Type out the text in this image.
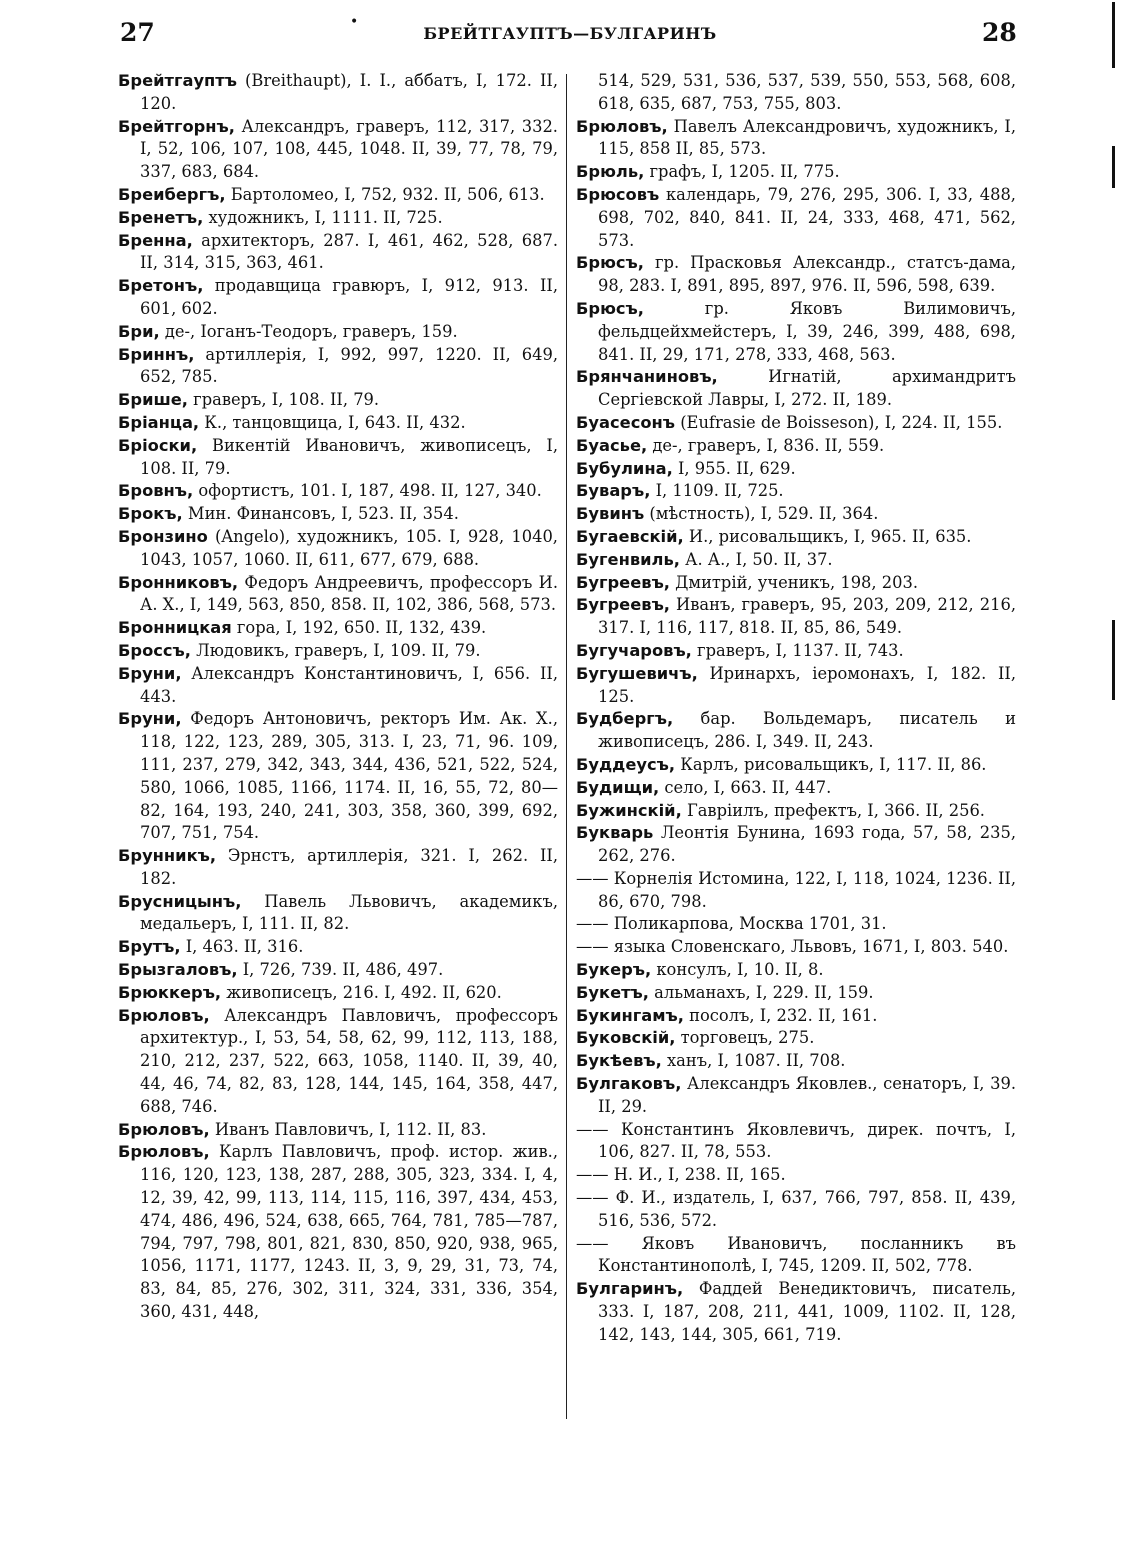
27	•
БРЕЙТГАУПТЪ—БУЛГАРИНЪ	28

Брейтгауптъ (Breithaupt), I. I., аббатъ, I, 172. II, 120.

Брейтгорнъ, Александръ, граверъ, 112, 317, 332. I, 52, 106, 107, 108, 445, 1048. II, 39, 77, 78, 79, 337, 683, 684.

Бреибергъ, Бартоломео, I, 752, 932. II, 506, 613.

Бренетъ, художникъ, I, 1111. II, 725.

Бренна, архитекторъ, 287. I, 461, 462, 528, 687. II, 314, 315, 363, 461.

Бретонъ, продавщица гравюръ, I, 912, 913. II, 601, 602.

Бри, де-, Іоганъ-Теодоръ, граверъ, 159.

Бриннъ, артиллерія, I, 992, 997, 1220. II, 649, 652, 785.

Брише, граверъ, I, 108. II, 79.

Бріанца, К., танцовщица, I, 643. II, 432.

Бріоски, Викентій Ивановичъ, живописецъ, I, 108. II, 79.

Бровнъ, офортистъ, 101. I, 187, 498. II, 127, 340.

Брокъ, Мин. Финансовъ, I, 523. II, 354.

Бронзино (Angelo), художникъ, 105. I, 928, 1040, 1043, 1057, 1060. II, 611, 677, 679, 688.

Бронниковъ, Федоръ Андреевичъ, профессоръ И. А. Х., I, 149, 563, 850, 858. II, 102, 386, 568, 573.

Бронницкая гора, I, 192, 650. II, 132, 439.

Броссъ, Людовикъ, граверъ, I, 109. II, 79.

Бруни, Александръ Константиновичъ, I, 656. II, 443.

Бруни, Федоръ Антоновичъ, ректоръ Им. Ак. Х., 118, 122, 123, 289, 305, 313. I, 23, 71, 96. 109, 111, 237, 279, 342, 343, 344, 436, 521, 522, 524, 580, 1066, 1085, 1166, 1174. II, 16, 55, 72, 80—82, 164, 193, 240, 241, 303, 358, 360, 399, 692, 707, 751, 754.

Брунникъ, Эрнстъ, артиллерія, 321. I, 262. II, 182.

Брусницынъ, Павель Львовичъ, академикъ, медальеръ, I, 111. II, 82.

Брутъ, I, 463. II, 316.

Брызгаловъ, I, 726, 739. II, 486, 497.

Брюккеръ, живописецъ, 216. I, 492. II, 620.

Брюловъ, Александръ Павловичъ, профессоръ архитектур., I, 53, 54, 58, 62, 99, 112, 113, 188, 210, 212, 237, 522, 663, 1058, 1140. II, 39, 40, 44, 46, 74, 82, 83, 128, 144, 145, 164, 358, 447, 688, 746.

Брюловъ, Иванъ Павловичъ, I, 112. II, 83.

Брюловъ, Карлъ Павловичъ, проф. истор. жив., 116, 120, 123, 138, 287, 288, 305, 323, 334. I, 4, 12, 39, 42, 99, 113, 114, 115, 116, 397, 434, 453, 474, 486, 496, 524, 638, 665, 764, 781, 785—787, 794, 797, 798, 801, 821, 830, 850, 920, 938, 965, 1056, 1171, 1177, 1243. II, 3, 9, 29, 31, 73, 74, 83, 84, 85, 276, 302, 311, 324, 331, 336, 354, 360, 431, 448,

514, 529, 531, 536, 537, 539, 550, 553, 568, 608, 618, 635, 687, 753, 755, 803.

Брюловъ, Павелъ Александровичъ, художникъ, I, 115, 858 II, 85, 573.

Брюль, графъ, I, 1205. II, 775.

Брюсовъ календарь, 79, 276, 295, 306. I, 33, 488, 698, 702, 840, 841. II, 24, 333, 468, 471, 562, 573.

Брюсъ, гр. Прасковья Александр., статсъ-дама, 98, 283. I, 891, 895, 897, 976. II, 596, 598, 639.

Брюсъ, гр. Яковъ Вилимовичъ, фельдцейхмейстеръ, I, 39, 246, 399, 488, 698, 841. II, 29, 171, 278, 333, 468, 563.

Брянчаниновъ, Игнатій, архимандритъ Сергіевской Лавры, I, 272. II, 189.

Буасесонъ (Eufrasie de Boisseson), I, 224. II, 155.

Буасье, де-, граверъ, I, 836. II, 559.

Бубулина, I, 955. II, 629.

Буваръ, I, 1109. II, 725.

Бувинъ (мѣстность), I, 529. II, 364.

Бугаевскій, И., рисовальщикъ, I, 965. II, 635.

Бугенвиль, А. А., I, 50. II, 37.

Бугреевъ, Дмитрій, ученикъ, 198, 203.

Бугреевъ, Иванъ, граверъ, 95, 203, 209, 212, 216, 317. I, 116, 117, 818. II, 85, 86, 549.

Бугучаровъ, граверъ, I, 1137. II, 743.

Бугушевичъ, Иринархъ, іеромонахъ, I, 182. II, 125.

Будбергъ, бар. Вольдемаръ, писатель и живописецъ, 286. I, 349. II, 243.

Буддеусъ, Карлъ, рисовальщикъ, I, 117. II, 86.

Будищи, село, I, 663. II, 447.

Бужинскій, Гавріилъ, префектъ, I, 366. II, 256.

Букварь Леонтія Бунина, 1693 года, 57, 58, 235, 262, 276.

—— Корнелія Истомина, 122, I, 118, 1024, 1236. II, 86, 670, 798.

—— Поликарпова, Москва 1701, 31.

—— языка Словенскаго, Львовъ, 1671, I, 803. 540.

Букеръ, консулъ, I, 10. II, 8.

Букетъ, альманахъ, I, 229. II, 159.

Букингамъ, посолъ, I, 232. II, 161.

Буковскій, торговецъ, 275.

Букѣевъ, ханъ, I, 1087. II, 708.

Булгаковъ, Александръ Яковлев., сенаторъ, I, 39. II, 29.

—— Константинъ Яковлевичъ, дирек. почтъ, I, 106, 827. II, 78, 553.

—— Н. И., I, 238. II, 165.

—— Ф. И., издатель, I, 637, 766, 797, 858. II, 439, 516, 536, 572.

—— Яковъ Ивановичъ, посланникъ въ Константинополѣ, I, 745, 1209. II, 502, 778.

Булгаринъ, Фаддей Венедиктовичъ, писатель, 333. I, 187, 208, 211, 441, 1009, 1102. II, 128, 142, 143, 144, 305, 661, 719.
